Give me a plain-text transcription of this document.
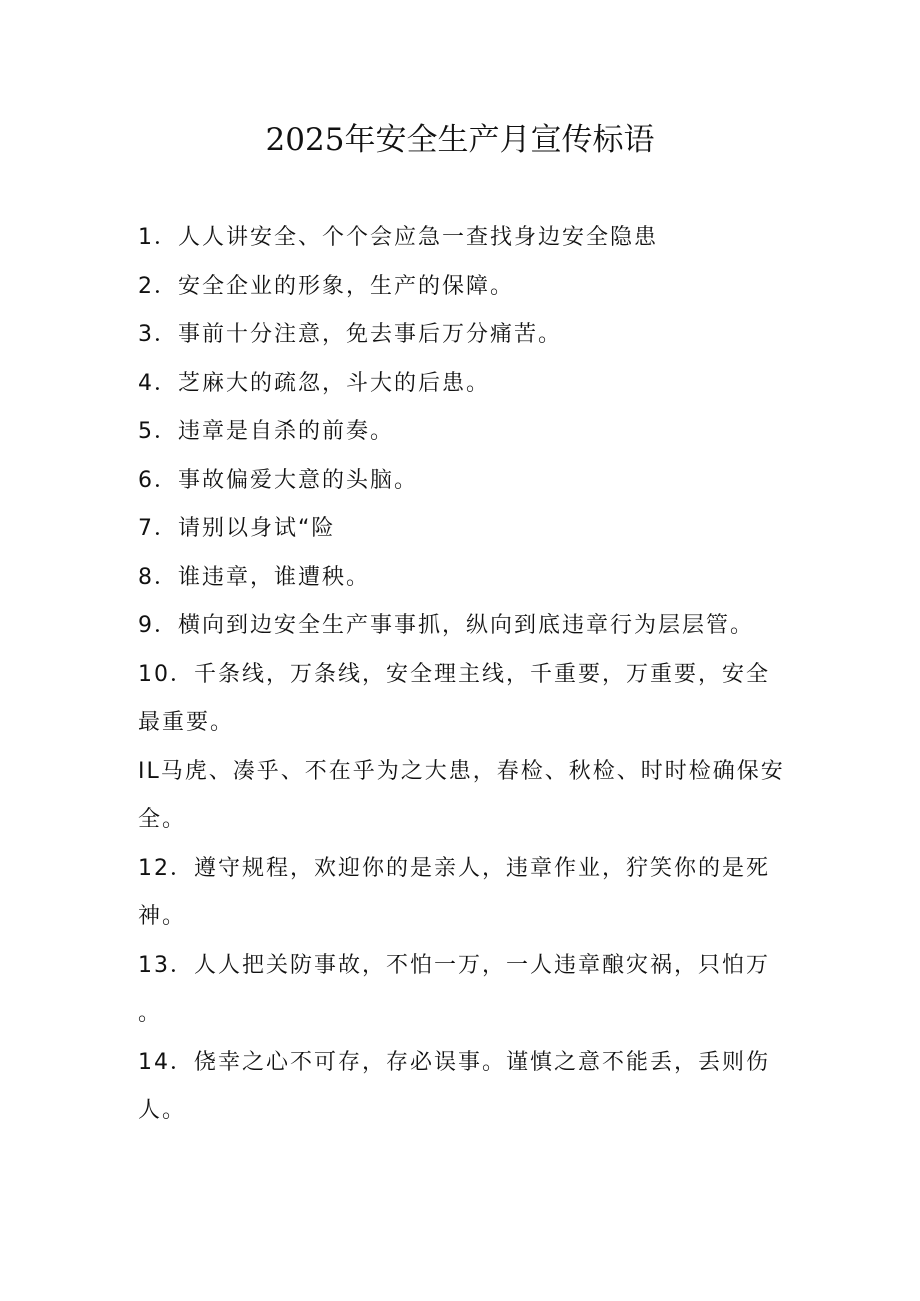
2025年安全生产月宣传标语

1．人人讲安全、个个会应急一查找身边安全隐患

2．安全企业的形象，生产的保障。

3．事前十分注意，免去事后万分痛苦。

4．芝麻大的疏忽，斗大的后患。

5．违章是自杀的前奏。

6．事故偏爱大意的头脑。

7．请别以身试“险

8．谁违章，谁遭秧。

9．横向到边安全生产事事抓，纵向到底违章行为层层管。

10．千条线，万条线，安全理主线，千重要，万重要，安全最重要。

IL马虎、凑乎、不在乎为之大患，春检、秋检、时时检确保安全。

12．遵守规程，欢迎你的是亲人，违章作业，狞笑你的是死神。

13．人人把关防事故，不怕一万，一人违章酿灾祸，只怕万
。

14．侥幸之心不可存，存必误事。谨慎之意不能丢，丢则伤人。
